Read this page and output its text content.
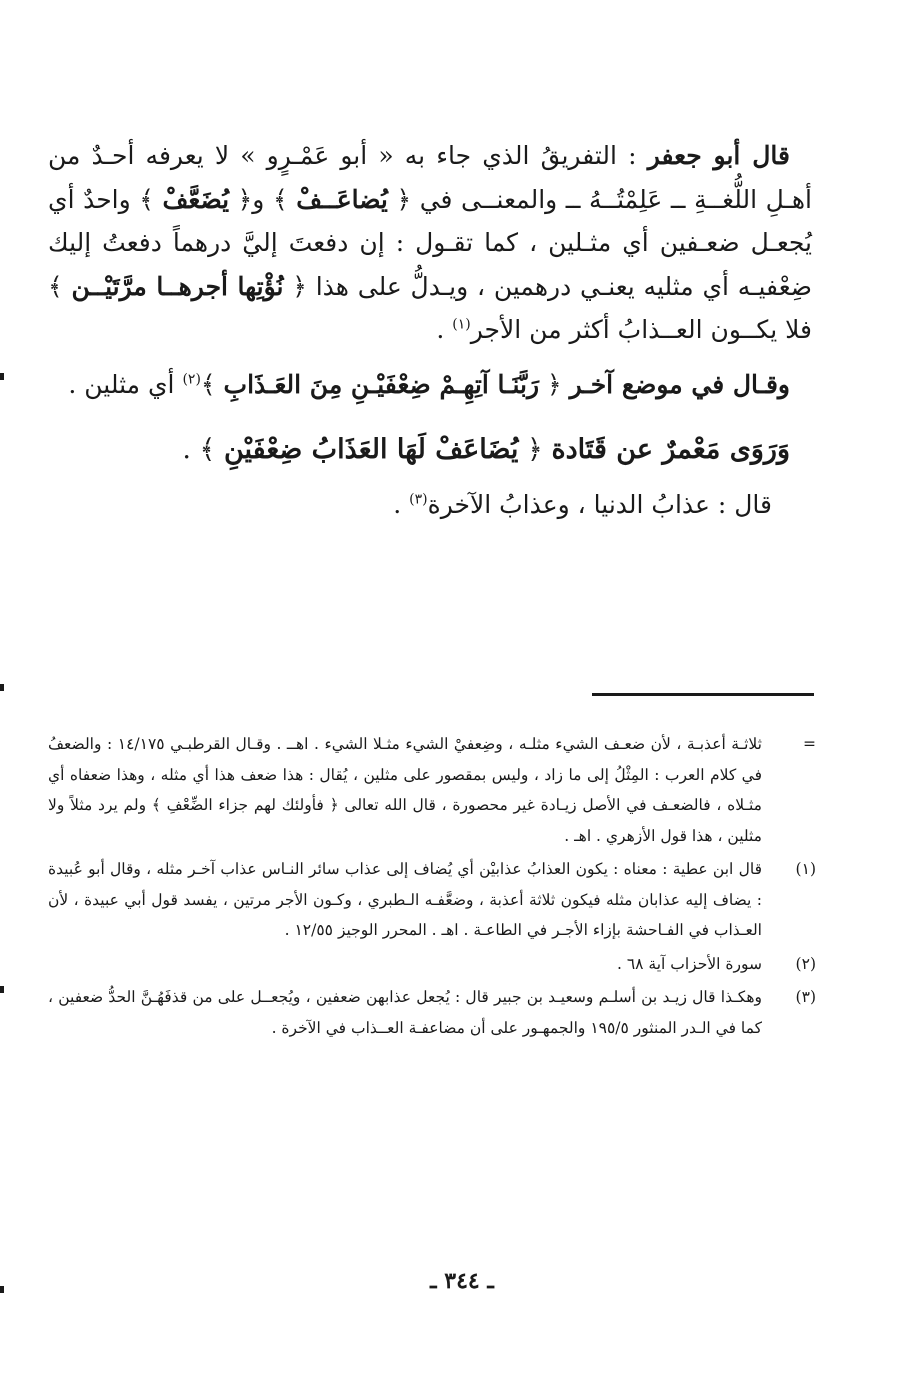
قال أبو جعفر : التفريقُ الذي جاء به « أبو عَمْـرٍو » لا يعرفه أحـدٌ من أهـلِ اللُّغــةِ ــ عَلِمْتُــهُ ــ والمعنــى في ﴿ يُضاعَــفْ ﴾ و﴿ يُضَعَّفْ ﴾ واحدٌ أي يُجعـل ضعـفين أي مثـلين ، كما تقـول : إن دفعتَ إليَّ درهماً دفعتُ إليك ضِعْفيـه أي مثليه يعنـي درهمين ، ويـدلُّ على هذا ﴿ نُؤْتِها أجرهــا مرَّتَيْــن ﴾ فلا يكــون العــذابُ أكثر من الأجر$^{(١)}$ .

وقـال في موضع آخـر ﴿ رَبَّنَـا آتِهِـمْ ضِعْفَيْـنِ مِنَ العَـذَابِ ﴾$^{(٢)}$ أي مثلين .

وَرَوَى مَعْمرٌ عن قَتَادة ﴿ يُضَاعَفْ لَهَا العَذَابُ ضِعْفَيْنِ ﴾ .

قال : عذابُ الدنيا ، وعذابُ الآخرة$^{(٣)}$ .

=
ثلاثـة أعذبـة ، لأن ضعـف الشيء مثلـه ، وضِعفيْ الشيء مثـلا الشيء . اهــ . وقـال القرطبـي ١٤/١٧٥ : والضعفُ في كلام العرب : المِثْلُ إلى ما زاد ، وليس بمقصور على مثلين ، يُقال : هذا ضعف هذا أي مثله ، وهذا ضعفاه أي مثـلاه ، فالضعـف في الأصل زيـادة غير محصورة ، قال الله تعالى ﴿ فأولئك لهم جزاء الضِّعْفِ ﴾ ولم يرد مثلاً ولا مثلين ، هذا قول الأزهري . اهـ .
(١)
قال ابن عطية : معناه : يكون العذابُ عذابيْن أي يُضاف إلى عذاب سائر النـاس عذاب آخـر مثله ، وقال أبو عُبيدة : يضاف إليه عذابان مثله فيكون ثلاثة أعذبة ، وضعَّفـه الـطبري ، وكـون الأجر مرتين ، يفسد قول أبي عبيدة ، لأن العـذاب في الفـاحشة بإزاء الأجـر في الطاعـة . اهـ . المحرر الوجيز ١٢/٥٥ .
(٢)
سورة الأحزاب آية ٦٨ .
(٣)
وهكـذا قال زيـد بن أسلـم وسعيـد بن جبير قال : يُجعل عذابهن ضعفين ، ويُجعــل على من قذفَهُـنَّ الحدُّ ضعفين ، كما في الـدر المنثور ١٩٥/٥ والجمهـور على أن مضاعفـة العــذاب في الآخرة .
ـ ٣٤٤ ـ
